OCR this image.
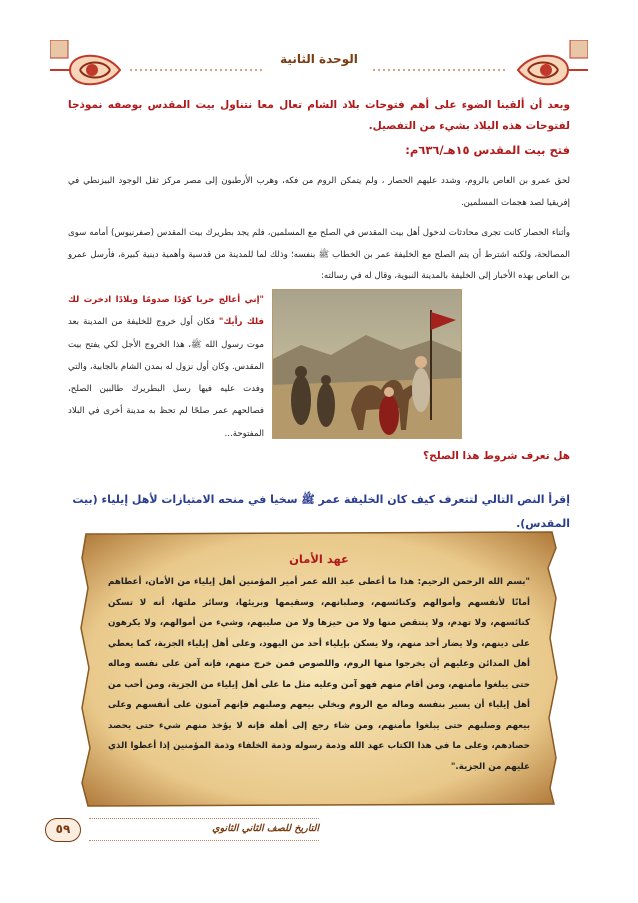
الوحدة الثانية
وبعد أن ألقينا الضوء على أهم فتوحات بلاد الشام تعال معا نتناول بيت المقدس بوصفه نموذجا لفتوحات هذه البلاد بشيء من التفصيل.
فتح بيت المقدس ١٥هـ/٦٣٦م:
لحق عمرو بن العاص بالروم، وشدد عليهم الحصار ، ولم يتمكن الروم من فكه، وهرب الأرطبون إلى مصر مركز ثقل الوجود البيزنطي في إفريقيا لصد هجمات المسلمين.
وأثناء الحصار كانت تجرى محادثات لدخول أهل بيت المقدس في الصلح مع المسلمين، فلم يجد بطريرك بيت المقدس (صفرنيوس) أمامه سوى المصالحة، ولكنه اشترط أن يتم الصلح مع الخليفة عمر بن الخطاب ﷺ بنفسه؛ وذلك لما للمدينة من قدسية وأهمية دينية كبيرة، فأرسل عمرو بن العاص بهذه الأخبار إلى الخليفة بالمدينة النبوية، وقال له في رسالته:
"إني أعالج حربا كؤدًا صدومًا وبلادًا ادخرت لك فلك رأيك" فكان أول خروج للخليفة من المدينة بعد موت رسول الله ﷺ، هذا الخروج الأجل لكي يفتح بيت المقدس. وكان أول نزول له بمدن الشام بالجابية، والتي وفدت عليه فيها رسل البطريرك طالبين الصلح، فصالحهم عمر صلحًا لم تحظ به مدينة أخرى في البلاد المفتوحة...
هل تعرف شروط هذا الصلح؟
إقرأ النص التالي لتتعرف كيف كان الخليفة عمر ﷺ سخيا في منحه الامتيازات لأهل إيلياء (بيت المقدس).
عهد الأمان
"بسم الله الرحمن الرحيم: هذا ما أعطى عبد الله عمر أمير المؤمنين أهل إيلياء من الأمان، أعطاهم أمانًا لأنفسهم وأموالهم وكنائسهم، وصلبانهم، وسقيمها وبريئها، وسائر ملتها، أنه لا تسكن كنائسهم، ولا تهدم، ولا ينتقص منها ولا من حيزها ولا من صليبهم، وشيء من أموالهم، ولا يكرهون على دينهم، ولا يضار أحد منهم، ولا يسكن بإيلياء أحد من اليهود، وعلى أهل إيلياء الجزية، كما يعطي أهل المدائن وعليهم أن يخرجوا منها الروم، واللصوص فمن خرج منهم، فإنه آمن على نفسه وماله حتى يبلغوا مأمنهم، ومن أقام منهم فهو آمن وعليه مثل ما على أهل إيلياء من الجزية، ومن أحب من أهل إيلياء أن يسير بنفسه وماله مع الروم ويخلي بيعهم وصلبهم فإنهم آمنون على أنفسهم وعلى بيعهم وصلبهم حتى يبلغوا مأمنهم، ومن شاء رجع إلى أهله فإنه لا يؤخذ منهم شيء حتى يحصد حصادهم، وعلى ما في هذا الكتاب عهد الله وذمة رسوله وذمة الخلفاء وذمة المؤمنين إذا أعطوا الذي عليهم من الجزية."
٥٩	التاريخ للصف الثاني الثانوي
